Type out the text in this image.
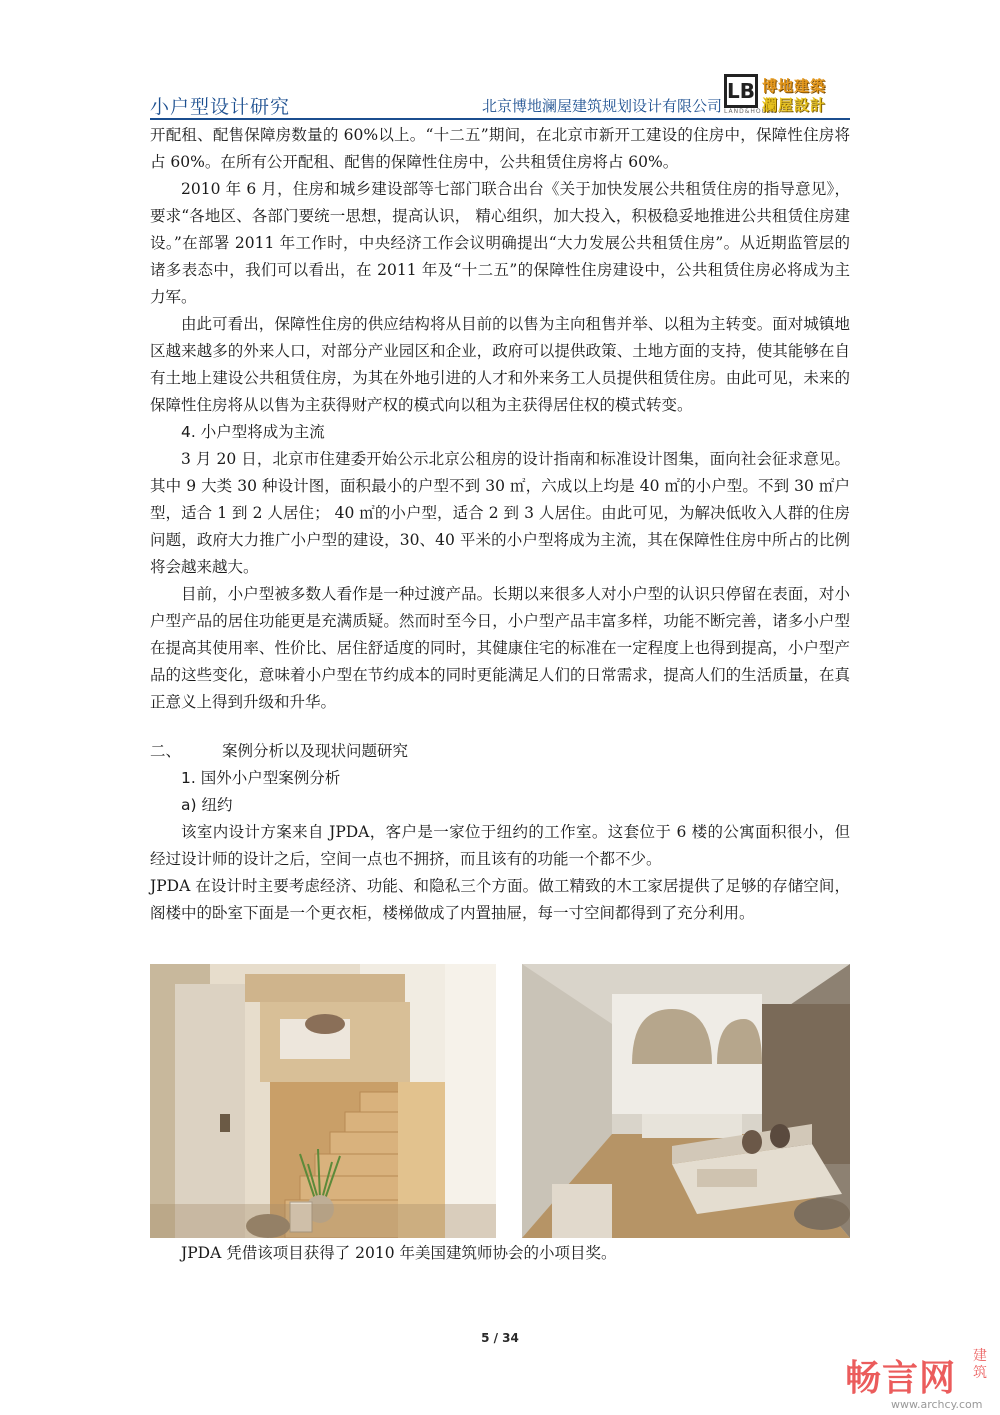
小户型设计研究	北京博地澜屋建筑规划设计有限公司
LB
LAND&HOUSE
博地建築
瀾屋設計

开配租、配售保障房数量的 60%以上。“十二五”期间，在北京市新开工建设的住房中，保障性住房将占 60%。在所有公开配租、配售的保障性住房中，公共租赁住房将占 60%。

2010 年 6 月，住房和城乡建设部等七部门联合出台《关于加快发展公共租赁住房的指导意见》，要求“各地区、各部门要统一思想，提高认识， 精心组织，加大投入，积极稳妥地推进公共租赁住房建设。”在部署 2011 年工作时，中央经济工作会议明确提出“大力发展公共租赁住房”。从近期监管层的诸多表态中，我们可以看出，在 2011 年及“十二五”的保障性住房建设中，公共租赁住房必将成为主力军。

由此可看出，保障性住房的供应结构将从目前的以售为主向租售并举、以租为主转变。面对城镇地区越来越多的外来人口，对部分产业园区和企业，政府可以提供政策、土地方面的支持，使其能够在自有土地上建设公共租赁住房，为其在外地引进的人才和外来务工人员提供租赁住房。由此可见，未来的保障性住房将从以售为主获得财产权的模式向以租为主获得居住权的模式转变。

4. 小户型将成为主流

3 月 20 日，北京市住建委开始公示北京公租房的设计指南和标准设计图集，面向社会征求意见。其中 9 大类 30 种设计图，面积最小的户型不到 30 ㎡，六成以上均是 40 ㎡的小户型。不到 30 ㎡户型，适合 1 到 2 人居住； 40 ㎡的小户型，适合 2 到 3 人居住。由此可见，为解决低收入人群的住房问题，政府大力推广小户型的建设，30、40 平米的小户型将成为主流，其在保障性住房中所占的比例将会越来越大。

目前，小户型被多数人看作是一种过渡产品。长期以来很多人对小户型的认识只停留在表面，对小户型产品的居住功能更是充满质疑。然而时至今日，小户型产品丰富多样，功能不断完善，诸多小户型在提高其使用率、性价比、居住舒适度的同时，其健康住宅的标准在一定程度上也得到提高，小户型产品的这些变化，意味着小户型在节约成本的同时更能满足人们的日常需求，提高人们的生活质量，在真正意义上得到升级和升华。

二、	案例分析以及现状问题研究

1. 国外小户型案例分析

a) 纽约

该室内设计方案来自 JPDA，客户是一家位于纽约的工作室。这套位于 6 楼的公寓面积很小，但经过设计师的设计之后，空间一点也不拥挤，而且该有的功能一个都不少。

JPDA 在设计时主要考虑经济、功能、和隐私三个方面。做工精致的木工家居提供了足够的存储空间，阁楼中的卧室下面是一个更衣柜，楼梯做成了内置抽屉，每一寸空间都得到了充分利用。

JPDA 凭借该项目获得了 2010 年美国建筑师协会的小项目奖。
5 / 34
畅言网
建筑
www.archcy.com
